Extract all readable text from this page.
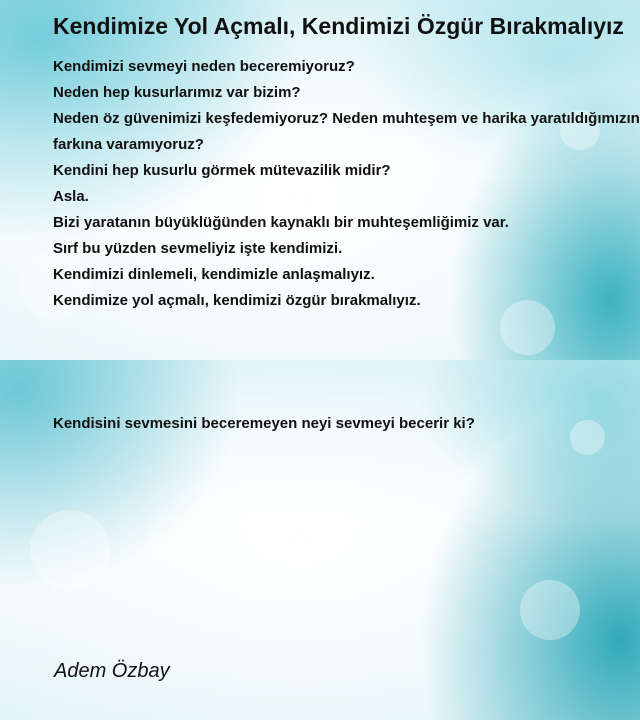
Kendimize Yol Açmalı, Kendimizi Özgür Bırakmalıyız
Kendimizi sevmeyi neden beceremiyoruz?
Neden hep kusurlarımız var bizim?
Neden öz güvenimizi keşfedemiyoruz? Neden muhteşem ve harika yaratıldığımızın
farkına varamıyoruz?
Kendini hep kusurlu görmek mütevazilik midir?
Asla.
Bizi yaratanın büyüklüğünden kaynaklı bir muhteşemliğimiz var.
Sırf bu yüzden sevmeliyiz işte kendimizi.
Kendimizi dinlemeli, kendimizle anlaşmalıyız.
Kendimize yol açmalı, kendimizi özgür bırakmalıyız.

Kendisini sevmesini beceremeyen neyi sevmeyi becerir ki?

Adem Özbay
